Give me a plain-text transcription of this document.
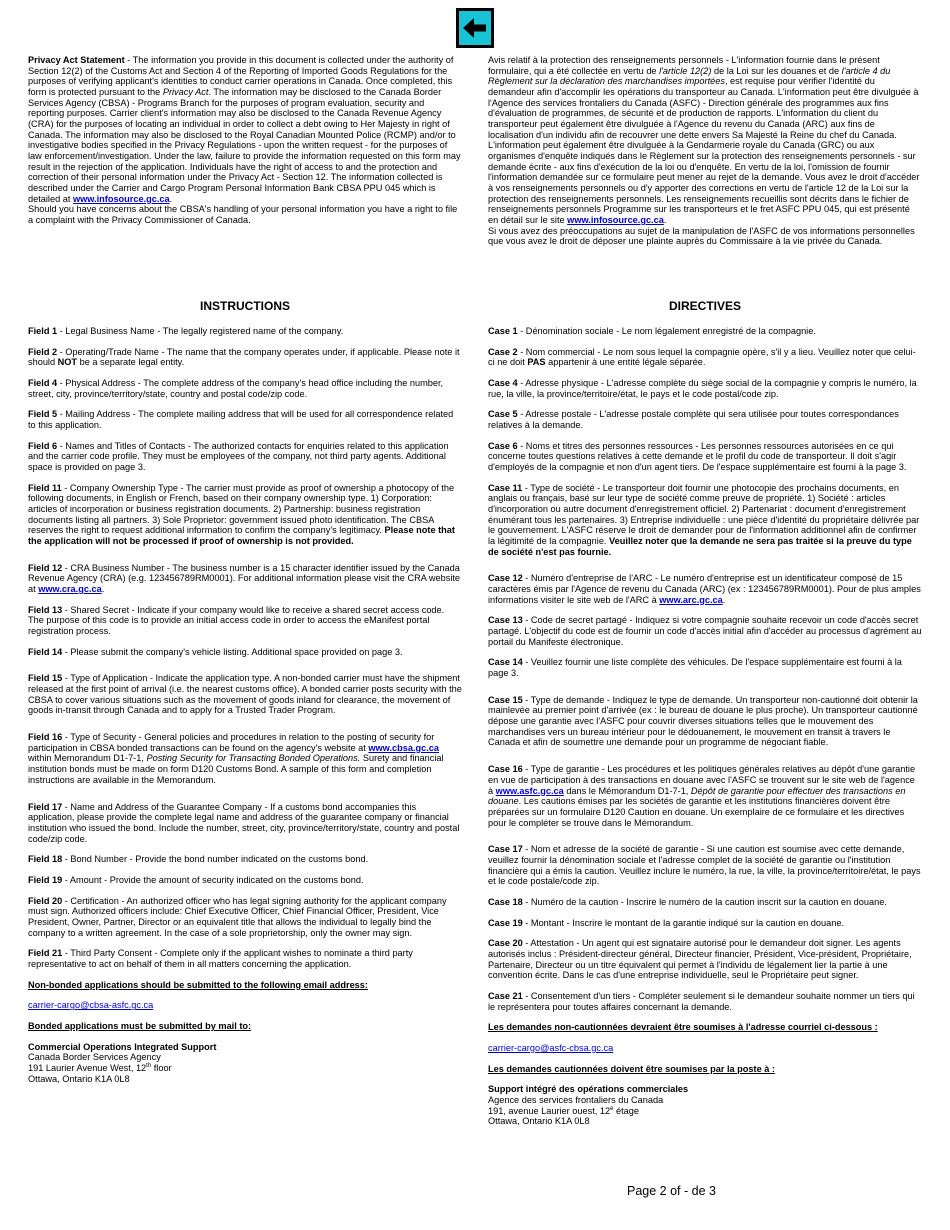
Privacy Act Statement - The information you provide in this document is collected under the authority of Section 12(2) of the Customs Act and Section 4 of the Reporting of Imported Goods Regulations for the purposes of verifying applicant's identities to conduct carrier operations in Canada. Once completed, this form is protected pursuant to the Privacy Act. The information may be disclosed to the Canada Border Services Agency (CBSA) - Programs Branch for the purposes of program evaluation, security and reporting purposes. Carrier client's information may also be disclosed to the Canada Revenue Agency (CRA) for the purposes of locating an individual in order to collect a debt owing to Her Majesty in right of Canada. The information may also be disclosed to the Royal Canadian Mounted Police (RCMP) and/or to investigative bodies specified in the Privacy Regulations - upon the written request - for the purposes of law enforcement/investigation. Under the law, failure to provide the information requested on this form may result in the rejection of the application. Individuals have the right of access to and the protection and correction of their personal information under the Privacy Act - Section 12. The information collected is described under the Carrier and Cargo Program Personal Information Bank CBSA PPU 045 which is detailed at www.infosource.gc.ca.

Should you have concerns about the CBSA's handling of your personal information you have a right to file a complaint with the Privacy Commissioner of Canada.

Avis relatif à la protection des renseignements personnels - L'information fournie dans le présent formulaire, qui a été collectée en vertu de l'article 12(2) de la Loi sur les douanes et de l'article 4 du Règlement sur la déclaration des marchandises importées, est requise pour vérifier l'identité du demandeur afin d'accomplir les opérations du transporteur au Canada. L'information peut être divulguée à l'Agence des services frontaliers du Canada (ASFC) - Direction générale des programmes aux fins d'évaluation de programmes, de sécurité et de production de rapports. L'information du client du transporteur peut également être divulguée à l'Agence du revenu du Canada (ARC) aux fins de localisation d'un individu afin de recouvrer une dette envers Sa Majesté la Reine du chef du Canada. L'information peut également être divulguée à la Gendarmerie royale du Canada (GRC) ou aux organismes d'enquête indiqués dans le Règlement sur la protection des renseignements personnels - sur demande écrite - aux fins d'exécution de la loi ou d'enquête. En vertu de la loi, l'omission de fournir l'information demandée sur ce formulaire peut mener au rejet de la demande. Vous avez le droit d'accéder à vos renseignements personnels ou d'y apporter des corrections en vertu de l'article 12 de la Loi sur la protection des renseignements personnels. Les renseignements recueillis sont décrits dans le fichier de renseignements personnels Programme sur les transporteurs et le fret ASFC PPU 045, qui est présenté en détail sur le site www.infosource.gc.ca.

Si vous avez des préoccupations au sujet de la manipulation de l'ASFC de vos informations personnelles que vous avez le droit de déposer une plainte auprès du Commissaire à la vie privée du Canada.

INSTRUCTIONS	DIRECTIVES

Field 1 - Legal Business Name - The legally registered name of the company.

Field 2 - Operating/Trade Name - The name that the company operates under, if applicable. Please note it should NOT be a separate legal entity.

Field 4 - Physical Address - The complete address of the company's head office including the number, street, city, province/territory/state, country and postal code/zip code.

Field 5 - Mailing Address - The complete mailing address that will be used for all correspondence related to this application.

Field 6 - Names and Titles of Contacts - The authorized contacts for enquiries related to this application and the carrier code profile. They must be employees of the company, not third party agents. Additional space is provided on page 3.

Field 11 - Company Ownership Type - The carrier must provide as proof of ownership a photocopy of the following documents, in English or French, based on their company ownership type. 1) Corporation: articles of incorporation or business registration documents. 2) Partnership: business registration documents listing all partners. 3) Sole Proprietor: government issued photo identification. The CBSA reserves the right to request additional information to confirm the company's legitimacy. Please note that the application will not be processed if proof of ownership is not provided.

Field 12 - CRA Business Number - The business number is a 15 character identifier issued by the Canada Revenue Agency (CRA) (e.g. 123456789RM0001). For additional information please visit the CRA website at www.cra.gc.ca.

Field 13 - Shared Secret - Indicate if your company would like to receive a shared secret access code. The purpose of this code is to provide an initial access code in order to access the eManifest portal registration process.

Field 14 - Please submit the company's vehicle listing. Additional space provided on page 3.

Field 15 - Type of Application - Indicate the application type. A non-bonded carrier must have the shipment released at the first point of arrival (i.e. the nearest customs office). A bonded carrier posts security with the CBSA to cover various situations such as the movement of goods inland for clearance, the movement of goods in-transit through Canada and to apply for a Trusted Trader Program.

Field 16 - Type of Security - General policies and procedures in relation to the posting of security for participation in CBSA bonded transactions can be found on the agency's website at www.cbsa.gc.ca within Memorandum D1-7-1, Posting Security for Transacting Bonded Operations. Surety and financial institution bonds must be made on form D120 Customs Bond. A sample of this form and completion instructions are available in the Memorandum.

Field 17 - Name and Address of the Guarantee Company - If a customs bond accompanies this application, please provide the complete legal name and address of the guarantee company or financial institution who issued the bond. Include the number, street, city, province/territory/state, country and postal code/zip code.

Field 18 - Bond Number - Provide the bond number indicated on the customs bond.

Field 19 - Amount - Provide the amount of security indicated on the customs bond.

Field 20 - Certification - An authorized officer who has legal signing authority for the applicant company must sign. Authorized officers include: Chief Executive Officer, Chief Financial Officer, President, Vice President, Owner, Partner, Director or an equivalent title that allows the individual to legally bind the company to a written agreement. In the case of a sole proprietorship, only the owner may sign.

Field 21 - Third Party Consent - Complete only if the applicant wishes to nominate a third party representative to act on behalf of them in all matters concerning the application.

Non-bonded applications should be submitted to the following email address:

carrier-cargo@cbsa-asfc.gc.ca

Bonded applications must be submitted by mail to:

Commercial Operations Integrated Support
Canada Border Services Agency
191 Laurier Avenue West, 12th floor
Ottawa, Ontario K1A 0L8

Case 1 - Dénomination sociale - Le nom légalement enregistré de la compagnie.

Case 2 - Nom commercial - Le nom sous lequel la compagnie opère, s'il y a lieu. Veuillez noter que celui-ci ne doit PAS appartenir à une entité légale séparée.

Case 4 - Adresse physique - L'adresse complète du siège social de la compagnie y compris le numéro, la rue, la ville, la province/territoire/état, le pays et le code postal/code zip.

Case 5 - Adresse postale - L'adresse postale complète qui sera utilisée pour toutes correspondances relatives à la demande.

Case 6 - Noms et titres des personnes ressources - Les personnes ressources autorisées en ce qui concerne toutes questions relatives à cette demande et le profil du code de transporteur. Il doit s'agir d'employés de la compagnie et non d'un agent tiers. De l'espace supplémentaire est fourni à la page 3.

Case 11 - Type de société - Le transporteur doit fournir une photocopie des prochains documents, en anglais ou français, basé sur leur type de société comme preuve de propriété. 1) Société : articles d'incorporation ou autre document d'enregistrement officiel. 2) Partenariat : document d'enregistrement énumérant tous les partenaires. 3) Entreprise individuelle : une pièce d'identité du propriétaire délivrée par le gouvernement. L'ASFC réserve le droit de demander pour de l'information additionnel afin de confirmer la légitimité de la compagnie. Veuillez noter que la demande ne sera pas traitée si la preuve du type de société n'est pas fournie.

Case 12 - Numéro d'entreprise de l'ARC - Le numéro d'entreprise est un identificateur composé de 15 caractères émis par l'Agence de revenu du Canada (ARC) (ex : 123456789RM0001). Pour de plus amples informations visiter le site web de l'ARC à www.arc.gc.ca.

Case 13 - Code de secret partagé - Indiquez si votre compagnie souhaite recevoir un code d'accès secret partagé. L'objectif du code est de fournir un code d'accès initial afin d'accéder au processus d'agrément au portail du Manifeste électronique.

Case 14 - Veuillez fournir une liste complète des véhicules. De l'espace supplémentaire est fourni à la page 3.

Case 15 - Type de demande - Indiquez le type de demande. Un transporteur non-cautionné doit obtenir la mainlevée au premier point d'arrivée (ex : le bureau de douane le plus proche). Un transporteur cautionné dépose une garantie avec l'ASFC pour couvrir diverses situations telles que le mouvement des marchandises vers un bureau intérieur pour le dédouanement, le mouvement en transit à travers le Canada et afin de soumettre une demande pour un programme de négociant fiable.

Case 16 - Type de garantie - Les procédures et les politiques générales relatives au dépôt d'une garantie en vue de participation à des transactions en douane avec l'ASFC se trouvent sur le site web de l'agence à www.asfc.gc.ca dans le Mémorandum D1-7-1, Dépôt de garantie pour effectuer des transactions en douane. Les cautions émises par les sociétés de garantie et les institutions financières doivent être préparées sur un formulaire D120 Caution en douane. Un exemplaire de ce formulaire et les directives pour le compléter se trouve dans le Mémorandum.

Case 17 - Nom et adresse de la société de garantie - Si une caution est soumise avec cette demande, veuillez fournir la dénomination sociale et l'adresse complet de la société de garantie ou l'institution financière qui a émis la caution. Veuillez inclure le numéro, la rue, la ville, la province/territoire/état, le pays et le code postale/code zip.

Case 18 - Numéro de la caution - Inscrire le numéro de la caution inscrit sur la caution en douane.

Case 19 - Montant - Inscrire le montant de la garantie indiqué sur la caution en douane.

Case 20 - Attestation - Un agent qui est signataire autorisé pour le demandeur doit signer. Les agents autorisés inclus : Président-directeur général, Directeur financier, Président, Vice-président, Propriétaire, Partenaire, Directeur ou un titre équivalent qui permet à l'individu de légalement lier la partie à une convention écrite. Dans le cas d'une entreprise individuelle, seul le Propriétaire peut signer.

Case 21 - Consentement d'un tiers - Compléter seulement si le demandeur souhaite nommer un tiers qui le représentera pour toutes affaires concernant la demande.

Les demandes non-cautionnées devraient être soumises à l'adresse courriel ci-dessous :

carrier-cargo@asfc-cbsa.gc.ca

Les demandes cautionnées doivent être soumises par la poste à :

Support intégré des opérations commerciales
Agence des services frontaliers du Canada
191, avenue Laurier ouest, 12e étage
Ottawa, Ontario K1A 0L8
Page 2 of - de 3
